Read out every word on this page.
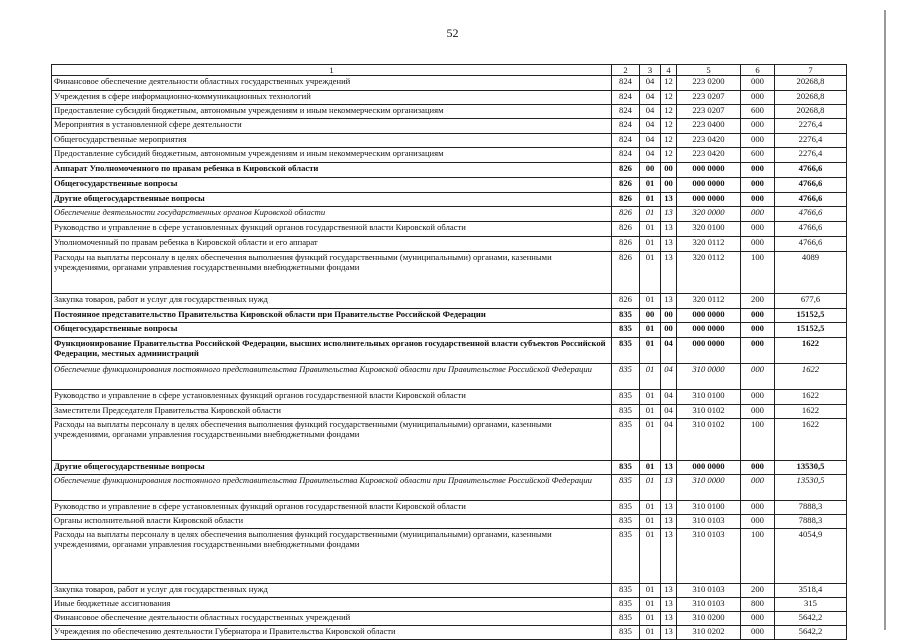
52
1	2	3	4	5	6	7
Финансовое обеспечение деятельности областных государственных учреждений	824	04	12	223 0200	000	20268,8
Учреждения в сфере информационно-коммуникационных технологий	824	04	12	223 0207	000	20268,8
Предоставление субсидий бюджетным, автономным учреждениям и иным некоммерческим организациям	824	04	12	223 0207	600	20268,8
Мероприятия в установленной сфере деятельности	824	04	12	223 0400	000	2276,4
Общегосударственные мероприятия	824	04	12	223 0420	000	2276,4
Предоставление субсидий бюджетным, автономным учреждениям и иным некоммерческим организациям	824	04	12	223 0420	600	2276,4
Аппарат Уполномоченного по правам ребенка в Кировской области	826	00	00	000 0000	000	4766,6
Общегосударственные вопросы	826	01	00	000 0000	000	4766,6
Другие общегосударственные вопросы	826	01	13	000 0000	000	4766,6
Обеспечение деятельности государственных органов Кировской области	826	01	13	320 0000	000	4766,6
Руководство и управление в сфере установленных функций органов государственной власти Кировской области	826	01	13	320 0100	000	4766,6
Уполномоченный по правам ребенка в Кировской области и его аппарат	826	01	13	320 0112	000	4766,6
Расходы на выплаты персоналу в целях обеспечения выполнения функций государственными (муниципальными) органами, казенными учреждениями, органами управления государственными внебюджетными фондами	826	01	13	320 0112	100	4089
Закупка товаров, работ и услуг для государственных нужд	826	01	13	320 0112	200	677,6
Постоянное представительство Правительства Кировской области при Правительстве Российской Федерации	835	00	00	000 0000	000	15152,5
Общегосударственные вопросы	835	01	00	000 0000	000	15152,5
Функционирование Правительства Российской Федерации, высших исполнительных органов государственной власти субъектов Российской Федерации, местных администраций	835	01	04	000 0000	000	1622
Обеспечение функционирования постоянного представительства Правительства Кировской области при Правительстве Российской Федерации	835	01	04	310 0000	000	1622
Руководство и управление в сфере установленных функций органов государственной власти Кировской области	835	01	04	310 0100	000	1622
Заместители Председателя Правительства Кировской области	835	01	04	310 0102	000	1622
Расходы на выплаты персоналу в целях обеспечения выполнения функций государственными (муниципальными) органами, казенными учреждениями, органами управления государственными внебюджетными фондами	835	01	04	310 0102	100	1622
Другие общегосударственные вопросы	835	01	13	000 0000	000	13530,5
Обеспечение функционирования постоянного представительства Правительства Кировской области при Правительстве Российской Федерации	835	01	13	310 0000	000	13530,5
Руководство и управление в сфере установленных функций органов государственной власти Кировской области	835	01	13	310 0100	000	7888,3
Органы исполнительной власти Кировской области	835	01	13	310 0103	000	7888,3
Расходы на выплаты персоналу в целях обеспечения выполнения функций государственными (муниципальными) органами, казенными учреждениями, органами управления государственными внебюджетными фондами	835	01	13	310 0103	100	4054,9
Закупка товаров, работ и услуг для государственных нужд	835	01	13	310 0103	200	3518,4
Иные бюджетные ассигнования	835	01	13	310 0103	800	315
Финансовое обеспечение деятельности областных государственных учреждений	835	01	13	310 0200	000	5642,2
Учреждения по обеспечению деятельности Губернатора и Правительства Кировской области	835	01	13	310 0202	000	5642,2
